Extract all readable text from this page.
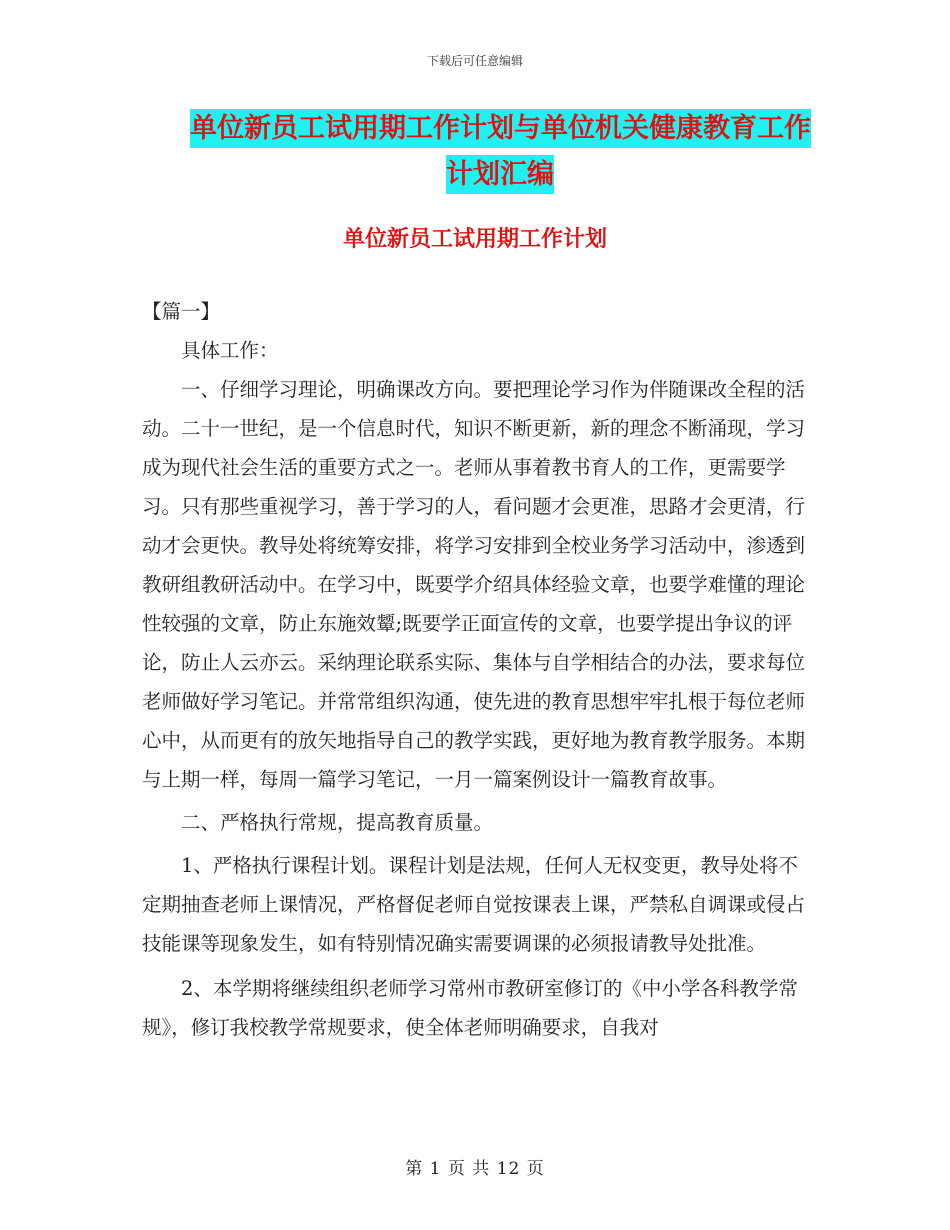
下载后可任意编辑
单位新员工试用期工作计划与单位机关健康教育工作
计划汇编
单位新员工试用期工作计划

【篇一】

具体工作：

一、仔细学习理论，明确课改方向。要把理论学习作为伴随课改全程的活动。二十一世纪，是一个信息时代，知识不断更新，新的理念不断涌现，学习成为现代社会生活的重要方式之一。老师从事着教书育人的工作，更需要学习。只有那些重视学习，善于学习的人，看问题才会更准，思路才会更清，行动才会更快。教导处将统筹安排，将学习安排到全校业务学习活动中，渗透到教研组教研活动中。在学习中，既要学介绍具体经验文章，也要学难懂的理论性较强的文章，防止东施效颦;既要学正面宣传的文章，也要学提出争议的评论，防止人云亦云。采纳理论联系实际、集体与自学相结合的办法，要求每位老师做好学习笔记。并常常组织沟通，使先进的教育思想牢牢扎根于每位老师心中，从而更有的放矢地指导自己的教学实践，更好地为教育教学服务。本期与上期一样，每周一篇学习笔记，一月一篇案例设计一篇教育故事。

二、严格执行常规，提高教育质量。

1、严格执行课程计划。课程计划是法规，任何人无权变更，教导处将不定期抽查老师上课情况，严格督促老师自觉按课表上课，严禁私自调课或侵占技能课等现象发生，如有特别情况确实需要调课的必须报请教导处批准。

2、本学期将继续组织老师学习常州市教研室修订的《中小学各科教学常规》，修订我校教学常规要求，使全体老师明确要求，自我对

第 1 页 共 12 页
